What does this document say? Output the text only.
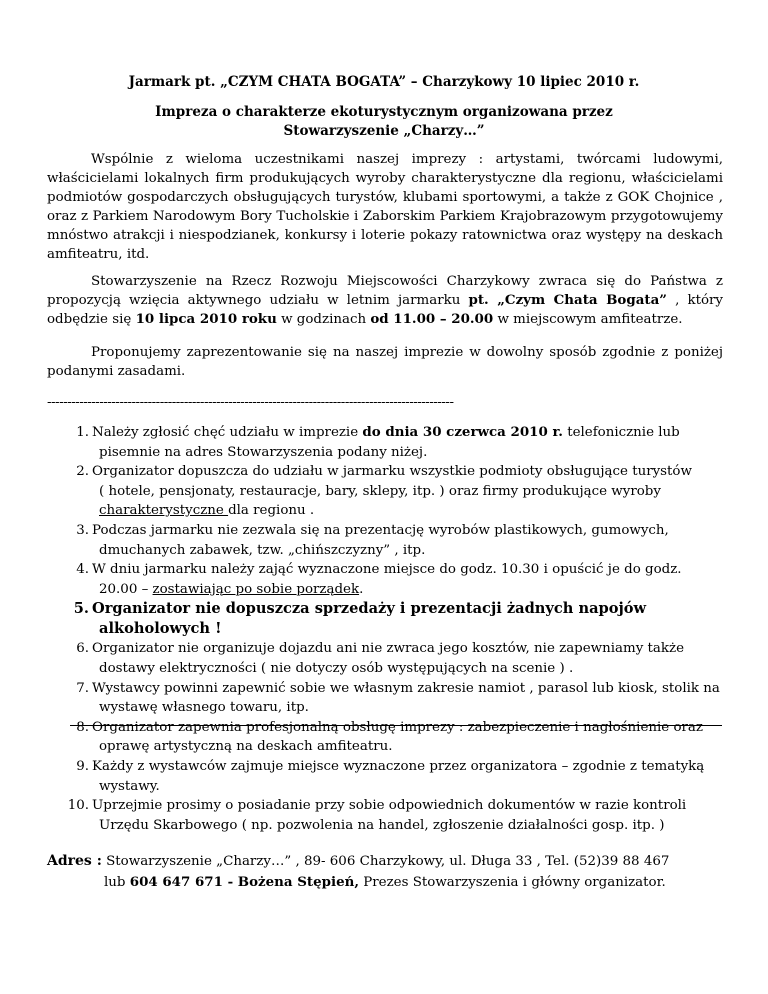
Jarmark pt. „CZYM CHATA BOGATA” – Charzykowy 10 lipiec 2010 r.
Impreza o charakterze ekoturystycznym organizowana przez
Stowarzyszenie „Charzy…”
Wspólnie z wieloma uczestnikami naszej imprezy : artystami, twórcami ludowymi, właścicielami lokalnych firm produkujących wyroby charakterystyczne dla regionu, właścicielami podmiotów gospodarczych obsługujących turystów, klubami sportowymi, a także z GOK Chojnice , oraz z Parkiem Narodowym Bory Tucholskie i Zaborskim Parkiem Krajobrazowym przygotowujemy mnóstwo atrakcji i niespodzianek, konkursy i loterie pokazy ratownictwa oraz występy na deskach amfiteatru, itd.
Stowarzyszenie na Rzecz Rozwoju Miejscowości Charzykowy zwraca się do Państwa z propozycją wzięcia aktywnego udziału w letnim jarmarku pt. „Czym Chata Bogata” , który odbędzie się 10 lipca 2010 roku w godzinach od 11.00 – 20.00 w miejscowym amfiteatrze.
Proponujemy zaprezentowanie się na naszej imprezie w dowolny sposób zgodnie z poniżej podanymi zasadami.
-----------------------------------------------------------------------------------------------------
1. Należy zgłosić chęć udziału w imprezie do dnia 30 czerwca 2010 r. telefonicznie lub
pisemnie na adres Stowarzyszenia podany niżej.
2. Organizator dopuszcza do udziału w jarmarku wszystkie podmioty obsługujące turystów
( hotele, pensjonaty, restauracje, bary, sklepy, itp. ) oraz firmy produkujące wyroby
charakterystyczne dla regionu .
3. Podczas jarmarku nie zezwala się na prezentację wyrobów plastikowych, gumowych,
dmuchanych zabawek, tzw. „chińszczyzny” , itp.
4. W dniu jarmarku należy zająć wyznaczone miejsce do godz. 10.30 i opuścić je do godz.
20.00 – zostawiając po sobie porządek.
5. Organizator nie dopuszcza sprzedaży i prezentacji żadnych napojów
alkoholowych !
6. Organizator nie organizuje dojazdu ani nie zwraca jego kosztów, nie zapewniamy także
dostawy elektryczności ( nie dotyczy osób występujących na scenie ) .
7. Wystawcy powinni zapewnić sobie we własnym zakresie namiot , parasol lub kiosk, stolik na
wystawę własnego towaru, itp.
8. Organizator zapewnia profesjonalną obsługę imprezy : zabezpieczenie i nagłośnienie oraz
oprawę artystyczną na deskach amfiteatru.
9. Każdy z wystawców zajmuje miejsce wyznaczone przez organizatora – zgodnie z tematyką
wystawy.
10. Uprzejmie prosimy o posiadanie przy sobie odpowiednich dokumentów w razie kontroli
Urzędu Skarbowego ( np. pozwolenia na handel, zgłoszenie działalności gosp. itp. )
Adres : Stowarzyszenie „Charzy…” , 89- 606 Charzykowy, ul. Długa 33 , Tel. (52)39 88 467
lub 604 647 671 - Bożena Stępień, Prezes Stowarzyszenia i główny organizator.
